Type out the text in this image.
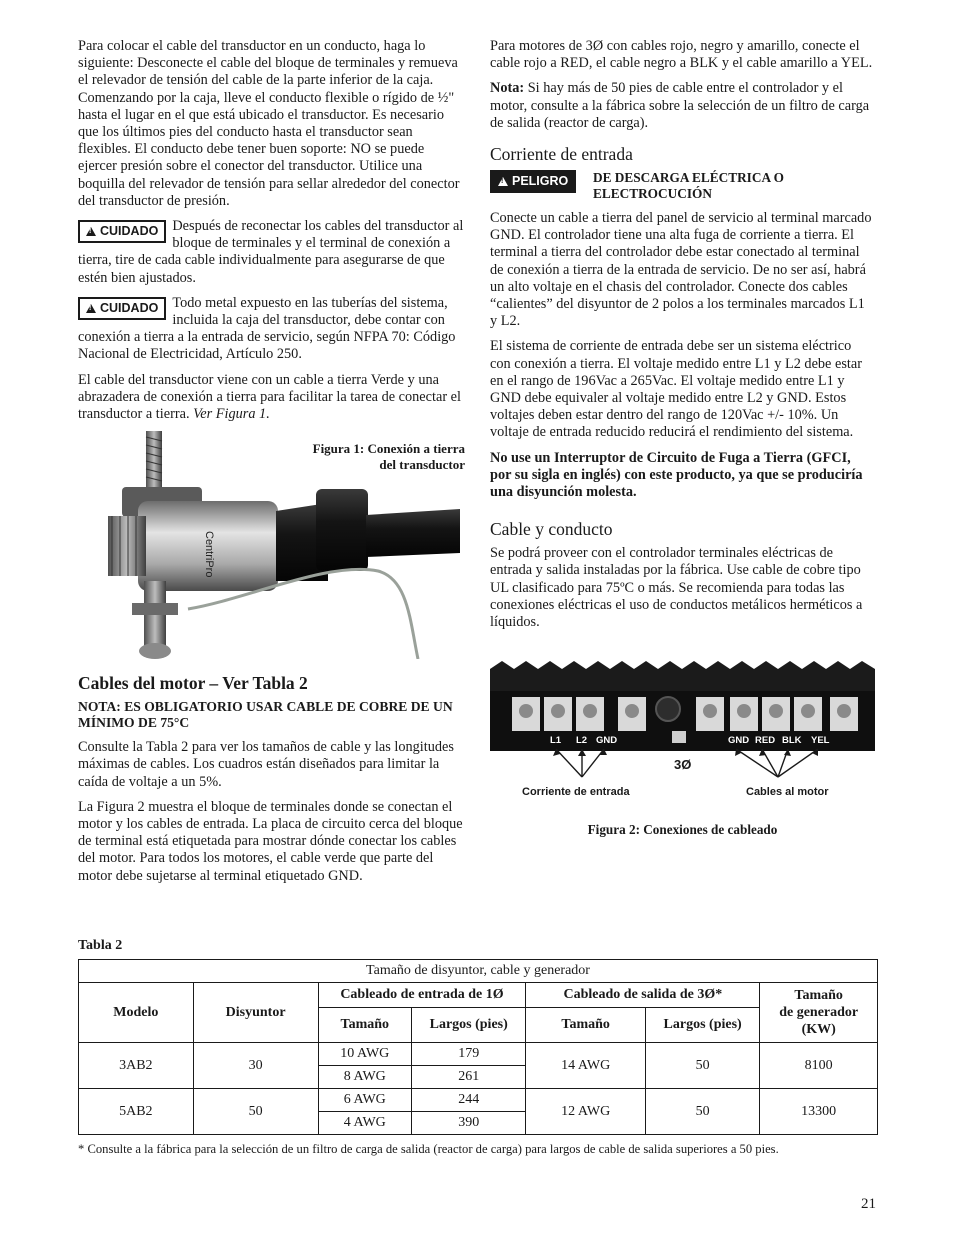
Para colocar el cable del transductor en un conducto, haga lo siguiente: Desconecte el cable del bloque de terminales y remueva el relevador de tensión del cable de la parte inferior de la caja. Comenzando por la caja, lleve el conducto flexible o rígido de ½" hasta el lugar en el que está ubicado el transductor. Es necesario que los últimos pies del conducto hasta el transductor sean flexibles. El conducto debe tener buen soporte: NO se puede ejercer presión sobre el conector del transductor. Utilice una boquilla del relevador de tensión para sellar alrededor del conector del transductor de presión.

!CUIDADO Después de reconectar los cables del transductor al bloque de terminales y el terminal de conexión a tierra, tire de cada cable individualmente para asegurarse de que estén bien ajustados.
!CUIDADO Todo metal expuesto en las tuberías del sistema, incluida la caja del transductor, debe contar con conexión a tierra a la entrada de servicio, según NFPA 70: Código Nacional de Electricidad, Artículo 250.

El cable del transductor viene con un cable a tierra Verde y una abrazadera de conexión a tierra para facilitar la tarea de conectar el transductor a tierra. Ver Figura 1.

CentriPro
Figura 1: Conexión a tierra
del transductor
Cables del motor – Ver Tabla 2

NOTA: ES OBLIGATORIO USAR CABLE DE COBRE DE UN MÍNIMO DE 75°C

Consulte la Tabla 2 para ver los tamaños de cable y las longitudes máximas de cables. Los cuadros están diseñados para limitar la caída de voltaje a un 5%.

La Figura 2 muestra el bloque de terminales donde se conectan el motor y los cables de entrada. La placa de circuito cerca del bloque de terminal está etiquetada para mostrar dónde conectar los cables del motor. Para todos los motores, el cable verde que parte del motor debe sujetarse al terminal etiquetado GND.

Para motores de 3Ø con cables rojo, negro y amarillo, conecte el cable rojo a RED, el cable negro a BLK y el cable amarillo a YEL.

Nota: Si hay más de 50 pies de cable entre el controlador y el motor, consulte a la fábrica sobre la selección de un filtro de carga de salida (reactor de carga).

Corriente de entrada
!PELIGRO	DE DESCARGA ELÉCTRICA O ELECTROCUCIÓN

Conecte un cable a tierra del panel de servicio al terminal marcado GND. El controlador tiene una alta fuga de corriente a tierra. El terminal a tierra del controlador debe estar conectado al terminal de conexión a tierra de la entrada de servicio. De no ser así, habrá un alto voltaje en el chasis del controlador. Conecte dos cables “calientes” del disyuntor de 2 polos a los terminales marcados L1 y L2.

El sistema de corriente de entrada debe ser un sistema eléctrico con conexión a tierra. El voltaje medido entre L1 y L2 debe estar en el rango de 196Vac a 265Vac. El voltaje medido entre L1 y GND debe equivaler al voltaje medido entre L2 y GND. Estos voltajes deben estar dentro del rango de 120Vac +/- 10%. Un voltaje de entrada reducido reducirá el rendimiento del sistema.

No use un Interruptor de Circuito de Fuga a Tierra (GFCI, por su sigla en inglés) con este producto, ya que se produciría una disyunción molesta.

Cable y conducto

Se podrá proveer con el controlador terminales eléctricas de entrada y salida instaladas por la fábrica. Use cable de cobre tipo UL clasificado para 75ºC o más. Se recomienda para todas las conexiones eléctricas el uso de conductos metálicos herméticos a líquidos.

L1 L2 GND	GND RED BLK YEL
3Ø
Corriente de entrada	Cables al motor
Figura 2: Conexiones de cableado
Tabla 2
Tamaño de disyuntor, cable y generador						
Modelo	Disyuntor	Cableado de entrada de 1Ø		Cableado de salida de 3Ø*		Tamaño
de generador
(KW)

		Tamaño	Largos (pies)	Tamaño	Largos (pies)	
3AB2	30	10 AWG	179	14 AWG	50	8100
		8 AWG	261			
5AB2	50	6 AWG	244	12 AWG	50	13300
		4 AWG	390			
* Consulte a la fábrica para la selección de un filtro de carga de salida (reactor de carga) para largos de cable de salida superiores a 50 pies.
21
